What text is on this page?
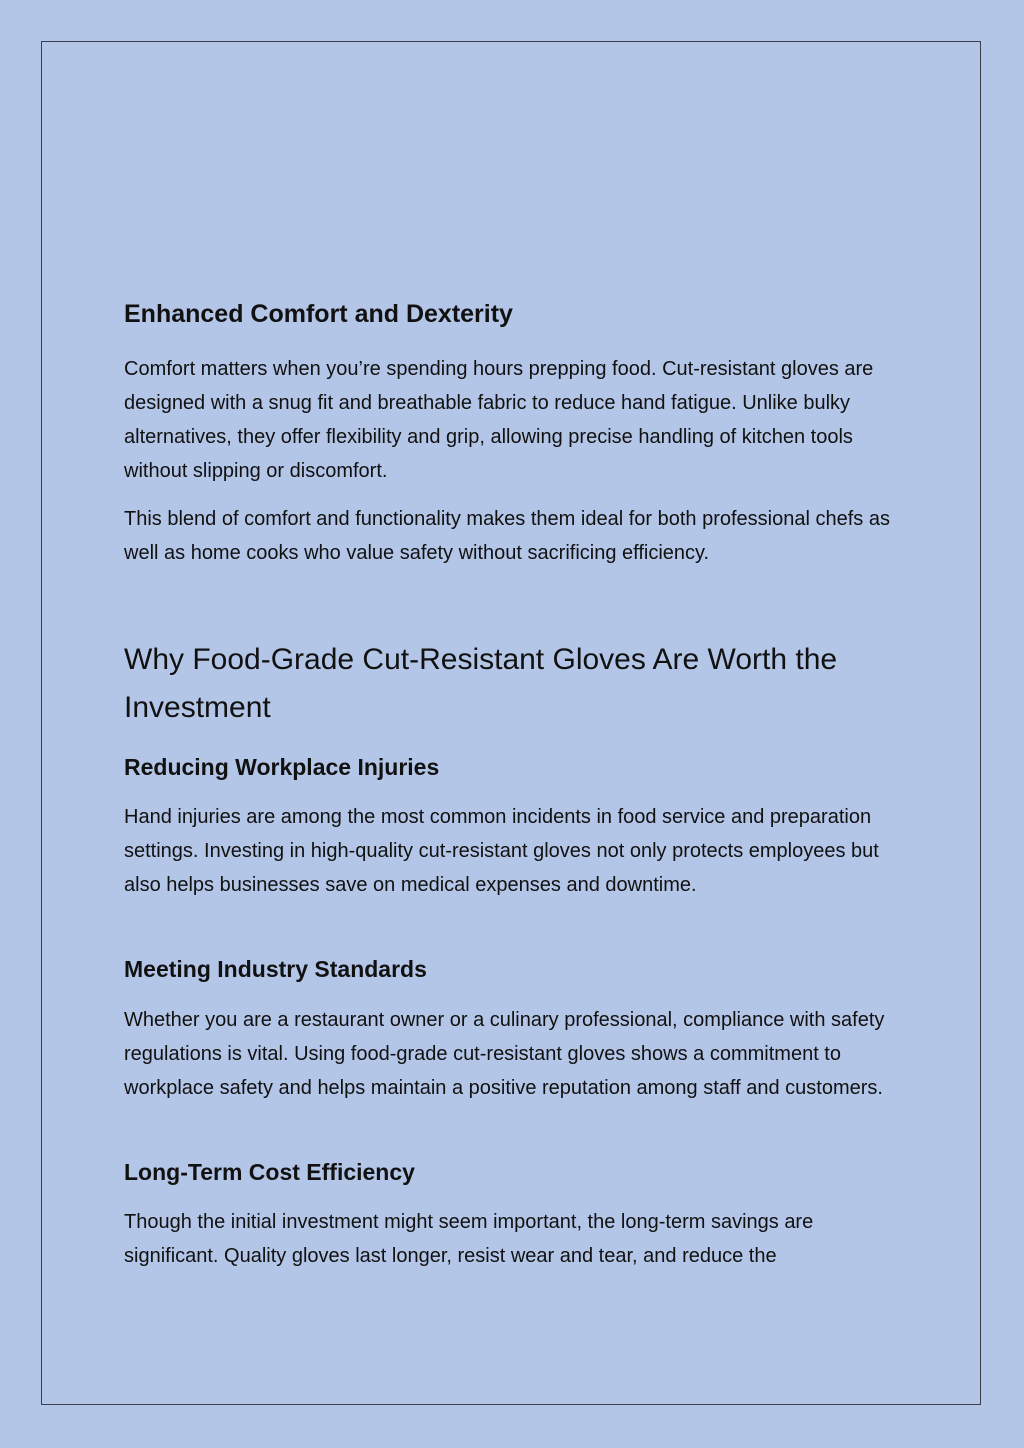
Enhanced Comfort and Dexterity

Comfort matters when you’re spending hours prepping food. Cut-resistant gloves are designed with a snug fit and breathable fabric to reduce hand fatigue. Unlike bulky alternatives, they offer flexibility and grip, allowing precise handling of kitchen tools without slipping or discomfort.

This blend of comfort and functionality makes them ideal for both professional chefs as well as home cooks who value safety without sacrificing efficiency.

Why Food-Grade Cut-Resistant Gloves Are Worth the Investment
Reducing Workplace Injuries

Hand injuries are among the most common incidents in food service and preparation settings. Investing in high-quality cut-resistant gloves not only protects employees but also helps businesses save on medical expenses and downtime.

Meeting Industry Standards

Whether you are a restaurant owner or a culinary professional, compliance with safety regulations is vital. Using food-grade cut-resistant gloves shows a commitment to workplace safety and helps maintain a positive reputation among staff and customers.

Long-Term Cost Efficiency

Though the initial investment might seem important, the long-term savings are significant. Quality gloves last longer, resist wear and tear, and reduce the
